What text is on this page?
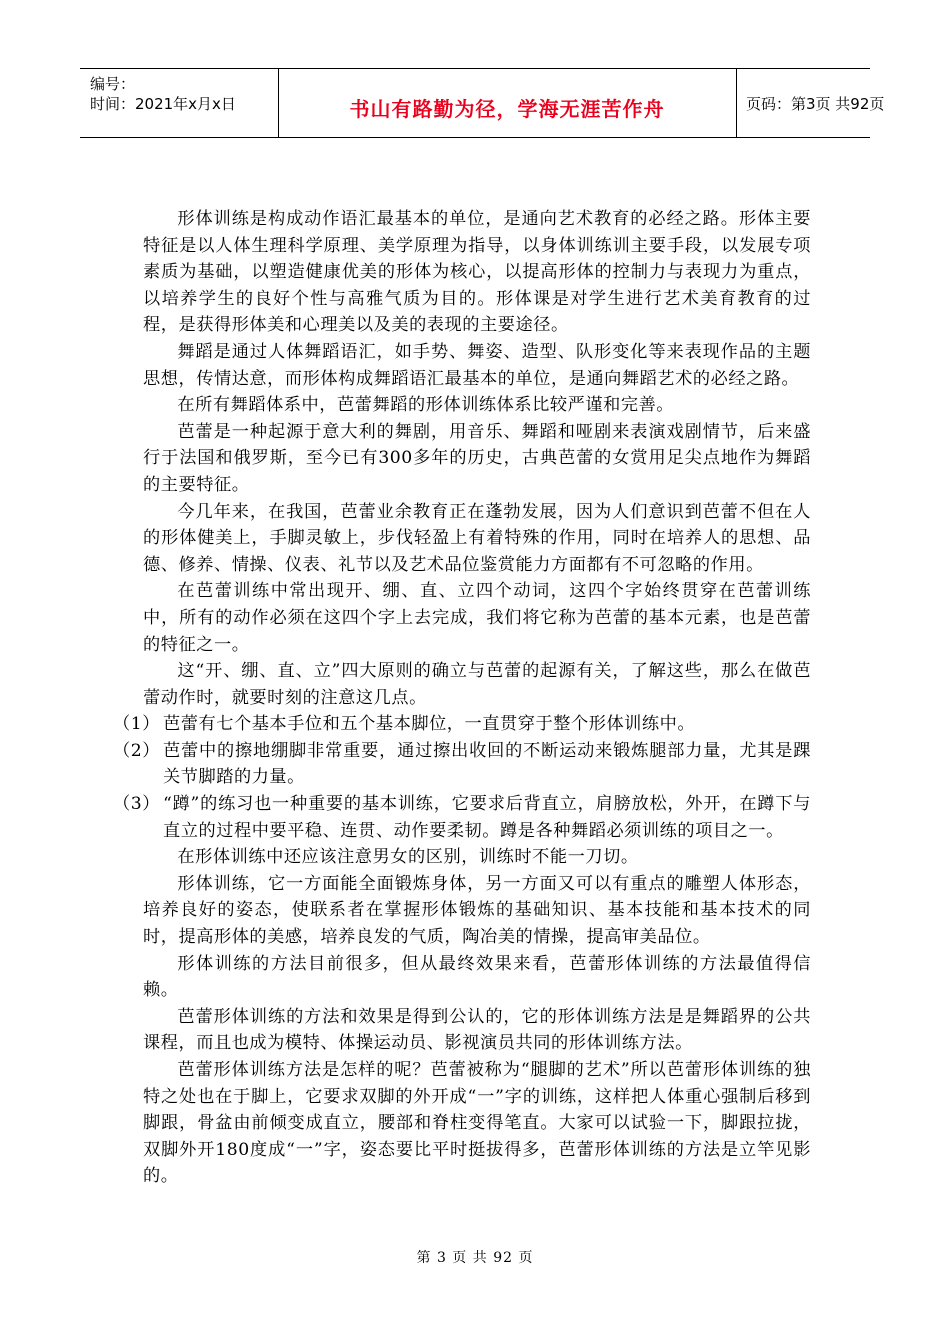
编号：
时间：2021年x月x日	书山有路勤为径，学海无涯苦作舟	页码：第3页 共92页

形体训练是构成动作语汇最基本的单位，是通向艺术教育的必经之路。形体主要特征是以人体生理科学原理、美学原理为指导，以身体训练训主要手段，以发展专项素质为基础，以塑造健康优美的形体为核心，以提高形体的控制力与表现力为重点，以培养学生的良好个性与高雅气质为目的。形体课是对学生进行艺术美育教育的过程，是获得形体美和心理美以及美的表现的主要途径。

舞蹈是通过人体舞蹈语汇，如手势、舞姿、造型、队形变化等来表现作品的主题思想，传情达意，而形体构成舞蹈语汇最基本的单位，是通向舞蹈艺术的必经之路。

在所有舞蹈体系中，芭蕾舞蹈的形体训练体系比较严谨和完善。

芭蕾是一种起源于意大利的舞剧，用音乐、舞蹈和哑剧来表演戏剧情节，后来盛行于法国和俄罗斯，至今已有300多年的历史，古典芭蕾的女赏用足尖点地作为舞蹈的主要特征。

今几年来，在我国，芭蕾业余教育正在蓬勃发展，因为人们意识到芭蕾不但在人的形体健美上，手脚灵敏上，步伐轻盈上有着特殊的作用，同时在培养人的思想、品德、修养、情操、仪表、礼节以及艺术品位鉴赏能力方面都有不可忽略的作用。

在芭蕾训练中常出现开、绷、直、立四个动词，这四个字始终贯穿在芭蕾训练中，所有的动作必须在这四个字上去完成，我们将它称为芭蕾的基本元素，也是芭蕾的特征之一。

这“开、绷、直、立”四大原则的确立与芭蕾的起源有关，了解这些，那么在做芭蕾动作时，就要时刻的注意这几点。

（1） 芭蕾有七个基本手位和五个基本脚位，一直贯穿于整个形体训练中。
（2） 芭蕾中的擦地绷脚非常重要，通过擦出收回的不断运动来锻炼腿部力量，尤其是踝关节脚踏的力量。
（3） “蹲”的练习也一种重要的基本训练，它要求后背直立，肩膀放松，外开，在蹲下与直立的过程中要平稳、连贯、动作要柔韧。蹲是各种舞蹈必须训练的项目之一。

在形体训练中还应该注意男女的区别，训练时不能一刀切。

形体训练，它一方面能全面锻炼身体，另一方面又可以有重点的雕塑人体形态，培养良好的姿态，使联系者在掌握形体锻炼的基础知识、基本技能和基本技术的同时，提高形体的美感，培养良发的气质，陶冶美的情操，提高审美品位。

形体训练的方法目前很多，但从最终效果来看，芭蕾形体训练的方法最值得信赖。

芭蕾形体训练的方法和效果是得到公认的，它的形体训练方法是是舞蹈界的公共课程，而且也成为模特、体操运动员、影视演员共同的形体训练方法。

芭蕾形体训练方法是怎样的呢？芭蕾被称为“腿脚的艺术”所以芭蕾形体训练的独特之处也在于脚上，它要求双脚的外开成“一”字的训练，这样把人体重心强制后移到脚跟，骨盆由前倾变成直立，腰部和脊柱变得笔直。大家可以试验一下，脚跟拉拢，双脚外开180度成“一”字，姿态要比平时挺拔得多，芭蕾形体训练的方法是立竿见影的。

第 3 页 共 92 页
